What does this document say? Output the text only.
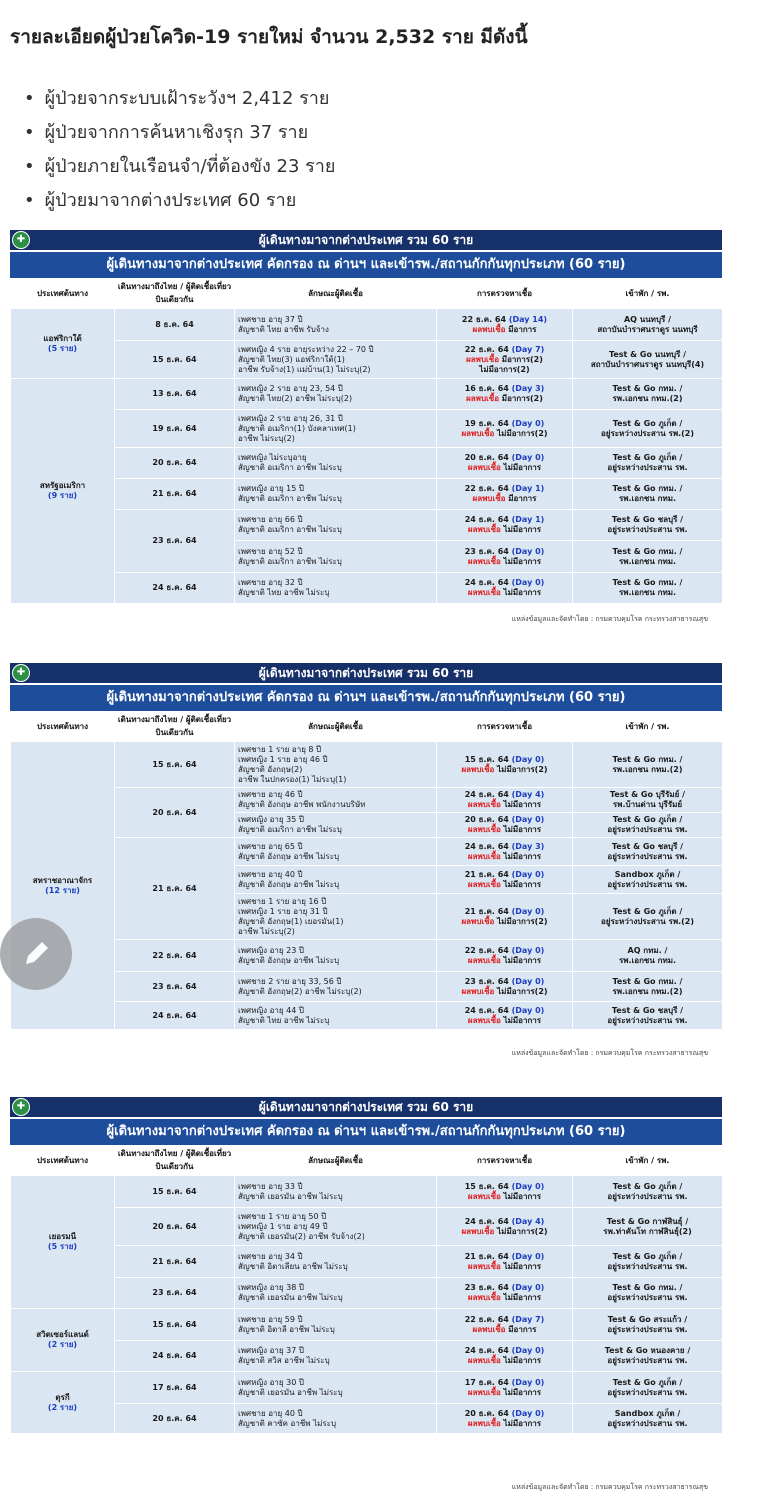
รายละเอียดผู้ป่วยโควิด-19 รายใหม่ จำนวน 2,532 ราย มีดังนี้
• ผู้ป่วยจากระบบเฝ้าระวังฯ 2,412 ราย
• ผู้ป่วยจากการค้นหาเชิงรุก 37 ราย
• ผู้ป่วยภายในเรือนจำ/ที่ต้องขัง 23 ราย
• ผู้ป่วยมาจากต่างประเทศ 60 ราย
✚	ผู้เดินทางมาจากต่างประเทศ รวม 60 ราย
ผู้เดินทางมาจากต่างประเทศ คัดกรอง ณ ด่านฯ และเข้ารพ./สถานกักกันทุกประเภท (60 ราย)
ประเทศต้นทาง	เดินทางมาถึงไทย / ผู้ติดเชื้อเที่ยวบินเดียวกัน	ลักษณะผู้ติดเชื้อ	การตรวจหาเชื้อ	เข้าพัก / รพ.
แอฟริกาใต้
(5 ราย)	8 ธ.ค. 64	เพศชาย อายุ 37 ปี
สัญชาติ ไทย อาชีพ รับจ้าง	22 ธ.ค. 64 (Day 14)
ผลพบเชื้อ มีอาการ	AQ นนทบุรี /
สถาบันบำราศนราดูร นนทบุรี
	15 ธ.ค. 64	เพศหญิง 4 ราย อายุระหว่าง 22 – 70 ปี
สัญชาติ ไทย(3) แอฟริกาใต้(1)
อาชีพ รับจ้าง(1) แม่บ้าน(1) ไม่ระบุ(2)	22 ธ.ค. 64 (Day 7)
ผลพบเชื้อ มีอาการ(2)
ไม่มีอาการ(2)	Test & Go นนทบุรี /
สถาบันบำราศนราดูร นนทบุรี(4)
สหรัฐอเมริกา
(9 ราย)	13 ธ.ค. 64	เพศหญิง 2 ราย อายุ 23, 54 ปี
สัญชาติ ไทย(2) อาชีพ ไม่ระบุ(2)	16 ธ.ค. 64 (Day 3)
ผลพบเชื้อ มีอาการ(2)	Test & Go กทม. /
รพ.เอกชน กทม.(2)
	19 ธ.ค. 64	เพศหญิง 2 ราย อายุ 26, 31 ปี
สัญชาติ อเมริกา(1) บังคลาเทศ(1)
อาชีพ ไม่ระบุ(2)	19 ธ.ค. 64 (Day 0)
ผลพบเชื้อ ไม่มีอาการ(2)	Test & Go ภูเก็ต /
อยู่ระหว่างประสาน รพ.(2)
	20 ธ.ค. 64	เพศหญิง ไม่ระบุอายุ
สัญชาติ อเมริกา อาชีพ ไม่ระบุ	20 ธ.ค. 64 (Day 0)
ผลพบเชื้อ ไม่มีอาการ	Test & Go ภูเก็ต /
อยู่ระหว่างประสาน รพ.
	21 ธ.ค. 64	เพศหญิง อายุ 15 ปี
สัญชาติ อเมริกา อาชีพ ไม่ระบุ	22 ธ.ค. 64 (Day 1)
ผลพบเชื้อ มีอาการ	Test & Go กทม. /
รพ.เอกชน กทม.
	23 ธ.ค. 64	เพศชาย อายุ 66 ปี
สัญชาติ อเมริกา อาชีพ ไม่ระบุ	24 ธ.ค. 64 (Day 1)
ผลพบเชื้อ ไม่มีอาการ	Test & Go ชลบุรี /
อยู่ระหว่างประสาน รพ.
		เพศชาย อายุ 52 ปี
สัญชาติ อเมริกา อาชีพ ไม่ระบุ	23 ธ.ค. 64 (Day 0)
ผลพบเชื้อ ไม่มีอาการ	Test & Go กทม. /
รพ.เอกชน กทม.
	24 ธ.ค. 64	เพศชาย อายุ 32 ปี
สัญชาติ ไทย อาชีพ ไม่ระบุ	24 ธ.ค. 64 (Day 0)
ผลพบเชื้อ ไม่มีอาการ	Test & Go กทม. /
รพ.เอกชน กทม.
แหล่งข้อมูลและจัดทำโดย : กรมควบคุมโรค กระทรวงสาธารณสุข
✚	ผู้เดินทางมาจากต่างประเทศ รวม 60 ราย
ผู้เดินทางมาจากต่างประเทศ คัดกรอง ณ ด่านฯ และเข้ารพ./สถานกักกันทุกประเภท (60 ราย)
ประเทศต้นทาง	เดินทางมาถึงไทย / ผู้ติดเชื้อเที่ยวบินเดียวกัน	ลักษณะผู้ติดเชื้อ	การตรวจหาเชื้อ	เข้าพัก / รพ.
สหราชอาณาจักร
(12 ราย)	15 ธ.ค. 64	เพศชาย 1 ราย อายุ 8 ปี
เพศหญิง 1 ราย อายุ 46 ปี
สัญชาติ อังกฤษ(2)
อาชีพ ในปกครอง(1) ไม่ระบุ(1)	15 ธ.ค. 64 (Day 0)
ผลพบเชื้อ ไม่มีอาการ(2)	Test & Go กทม. /
รพ.เอกชน กทม.(2)
	20 ธ.ค. 64	เพศชาย อายุ 46 ปี
สัญชาติ อังกฤษ อาชีพ พนักงานบริษัท	24 ธ.ค. 64 (Day 4)
ผลพบเชื้อ ไม่มีอาการ	Test & Go บุรีรัมย์ /
รพ.บ้านด่าน บุรีรัมย์
		เพศหญิง อายุ 35 ปี
สัญชาติ อเมริกา อาชีพ ไม่ระบุ	20 ธ.ค. 64 (Day 0)
ผลพบเชื้อ ไม่มีอาการ	Test & Go ภูเก็ต /
อยู่ระหว่างประสาน รพ.
	21 ธ.ค. 64	เพศชาย อายุ 65 ปี
สัญชาติ อังกฤษ อาชีพ ไม่ระบุ	24 ธ.ค. 64 (Day 3)
ผลพบเชื้อ ไม่มีอาการ	Test & Go ชลบุรี /
อยู่ระหว่างประสาน รพ.
		เพศชาย อายุ 40 ปี
สัญชาติ อังกฤษ อาชีพ ไม่ระบุ	21 ธ.ค. 64 (Day 0)
ผลพบเชื้อ ไม่มีอาการ	Sandbox ภูเก็ต /
อยู่ระหว่างประสาน รพ.
		เพศชาย 1 ราย อายุ 16 ปี
เพศหญิง 1 ราย อายุ 31 ปี
สัญชาติ อังกฤษ(1) เยอรมัน(1)
อาชีพ ไม่ระบุ(2)	21 ธ.ค. 64 (Day 0)
ผลพบเชื้อ ไม่มีอาการ(2)	Test & Go ภูเก็ต /
อยู่ระหว่างประสาน รพ.(2)
	22 ธ.ค. 64	เพศหญิง อายุ 23 ปี
สัญชาติ อังกฤษ อาชีพ ไม่ระบุ	22 ธ.ค. 64 (Day 0)
ผลพบเชื้อ ไม่มีอาการ	AQ กทม. /
รพ.เอกชน กทม.
	23 ธ.ค. 64	เพศชาย 2 ราย อายุ 33, 56 ปี
สัญชาติ อังกฤษ(2) อาชีพ ไม่ระบุ(2)	23 ธ.ค. 64 (Day 0)
ผลพบเชื้อ ไม่มีอาการ(2)	Test & Go กทม. /
รพ.เอกชน กทม.(2)
	24 ธ.ค. 64	เพศหญิง อายุ 44 ปี
สัญชาติ ไทย อาชีพ ไม่ระบุ	24 ธ.ค. 64 (Day 0)
ผลพบเชื้อ ไม่มีอาการ	Test & Go ชลบุรี /
อยู่ระหว่างประสาน รพ.
แหล่งข้อมูลและจัดทำโดย : กรมควบคุมโรค กระทรวงสาธารณสุข
✚	ผู้เดินทางมาจากต่างประเทศ รวม 60 ราย
ผู้เดินทางมาจากต่างประเทศ คัดกรอง ณ ด่านฯ และเข้ารพ./สถานกักกันทุกประเภท (60 ราย)
ประเทศต้นทาง	เดินทางมาถึงไทย / ผู้ติดเชื้อเที่ยวบินเดียวกัน	ลักษณะผู้ติดเชื้อ	การตรวจหาเชื้อ	เข้าพัก / รพ.
เยอรมนี
(5 ราย)	15 ธ.ค. 64	เพศชาย อายุ 33 ปี
สัญชาติ เยอรมัน อาชีพ ไม่ระบุ	15 ธ.ค. 64 (Day 0)
ผลพบเชื้อ ไม่มีอาการ	Test & Go ภูเก็ต /
อยู่ระหว่างประสาน รพ.
	20 ธ.ค. 64	เพศชาย 1 ราย อายุ 50 ปี
เพศหญิง 1 ราย อายุ 49 ปี
สัญชาติ เยอรมัน(2) อาชีพ รับจ้าง(2)	24 ธ.ค. 64 (Day 4)
ผลพบเชื้อ ไม่มีอาการ(2)	Test & Go กาฬสินธุ์ /
รพ.ท่าคันโท กาฬสินธุ์(2)
	21 ธ.ค. 64	เพศชาย อายุ 34 ปี
สัญชาติ อิตาเลียน อาชีพ ไม่ระบุ	21 ธ.ค. 64 (Day 0)
ผลพบเชื้อ ไม่มีอาการ	Test & Go ภูเก็ต /
อยู่ระหว่างประสาน รพ.
	23 ธ.ค. 64	เพศหญิง อายุ 38 ปี
สัญชาติ เยอรมัน อาชีพ ไม่ระบุ	23 ธ.ค. 64 (Day 0)
ผลพบเชื้อ ไม่มีอาการ	Test & Go กทม. /
อยู่ระหว่างประสาน รพ.
สวิตเซอร์แลนด์
(2 ราย)	15 ธ.ค. 64	เพศชาย อายุ 59 ปี
สัญชาติ อิตาลี อาชีพ ไม่ระบุ	22 ธ.ค. 64 (Day 7)
ผลพบเชื้อ มีอาการ	Test & Go สระแก้ว /
อยู่ระหว่างประสาน รพ.
	24 ธ.ค. 64	เพศหญิง อายุ 37 ปี
สัญชาติ สวิส อาชีพ ไม่ระบุ	24 ธ.ค. 64 (Day 0)
ผลพบเชื้อ ไม่มีอาการ	Test & Go หนองคาย /
อยู่ระหว่างประสาน รพ.
ตุรกี
(2 ราย)	17 ธ.ค. 64	เพศหญิง อายุ 30 ปี
สัญชาติ เยอรมัน อาชีพ ไม่ระบุ	17 ธ.ค. 64 (Day 0)
ผลพบเชื้อ ไม่มีอาการ	Test & Go ภูเก็ต /
อยู่ระหว่างประสาน รพ.
	20 ธ.ค. 64	เพศชาย อายุ 40 ปี
สัญชาติ คาซัค อาชีพ ไม่ระบุ	20 ธ.ค. 64 (Day 0)
ผลพบเชื้อ ไม่มีอาการ	Sandbox ภูเก็ต /
อยู่ระหว่างประสาน รพ.
แหล่งข้อมูลและจัดทำโดย : กรมควบคุมโรค กระทรวงสาธารณสุข
